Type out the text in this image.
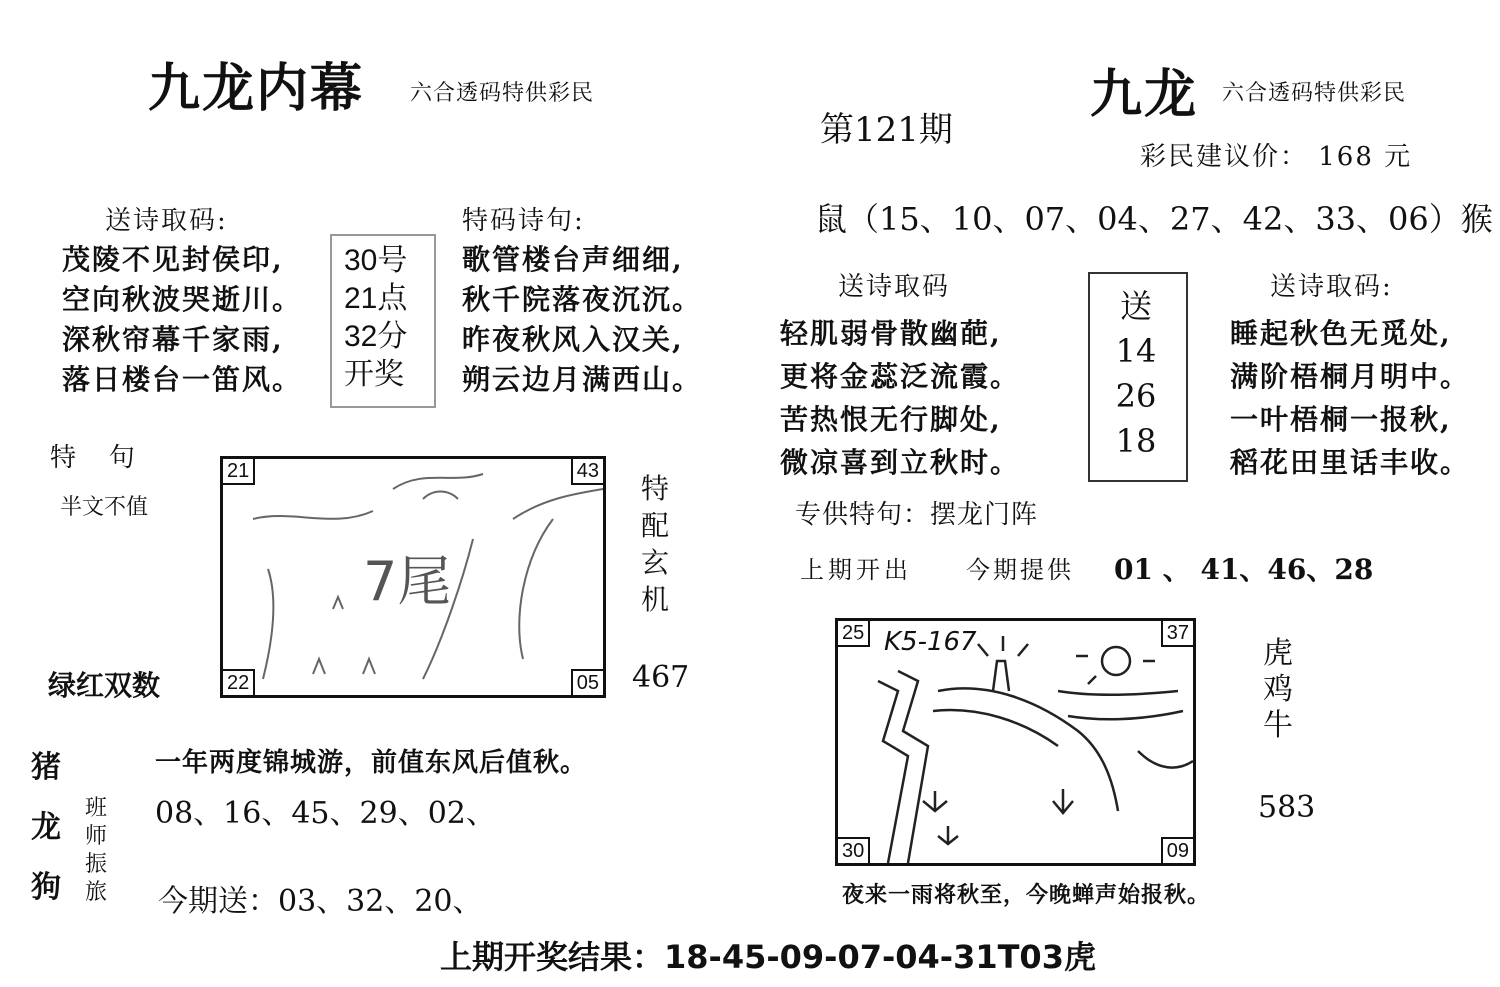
九龙内幕 六合透码特供彩民
送诗取码:
茂陵不见封侯印,
空向秋波哭逝川。
深秋帘幕千家雨,
落日楼台一笛风。
30号
21点
32分
开奖
特码诗句:
歌管楼台声细细,
秋千院落夜沉沉。
昨夜秋风入汉关,
朔云边月满西山。
特   句
半文不值
7尾
21	43
22	05
特
配
玄
机
467
绿红双数
猪
龙
狗
班
师
振
旅
一年两度锦城游，前值东风后值秋。
08、16、45、29、02、
今期送：03、32、20、
第121期
九龙 六合透码特供彩民
彩民建议价： 168 元
鼠（15、10、07、04、27、42、33、06）猴
送诗取码
轻肌弱骨散幽葩,
更将金蕊泛流霞。
苦热恨无行脚处,
微凉喜到立秋时。
送
14
26
18
送诗取码:
睡起秋色无觅处,
满阶梧桐月明中。
一叶梧桐一报秋,
稻花田里话丰收。
专供特句：摆龙门阵
上期开出 今期提供 01 、 41、46、28
K5-167
25	37
30	09
虎
鸡
牛
583
夜来一雨将秋至，今晚蝉声始报秋。
上期开奖结果：18-45-09-07-04-31T03虎
